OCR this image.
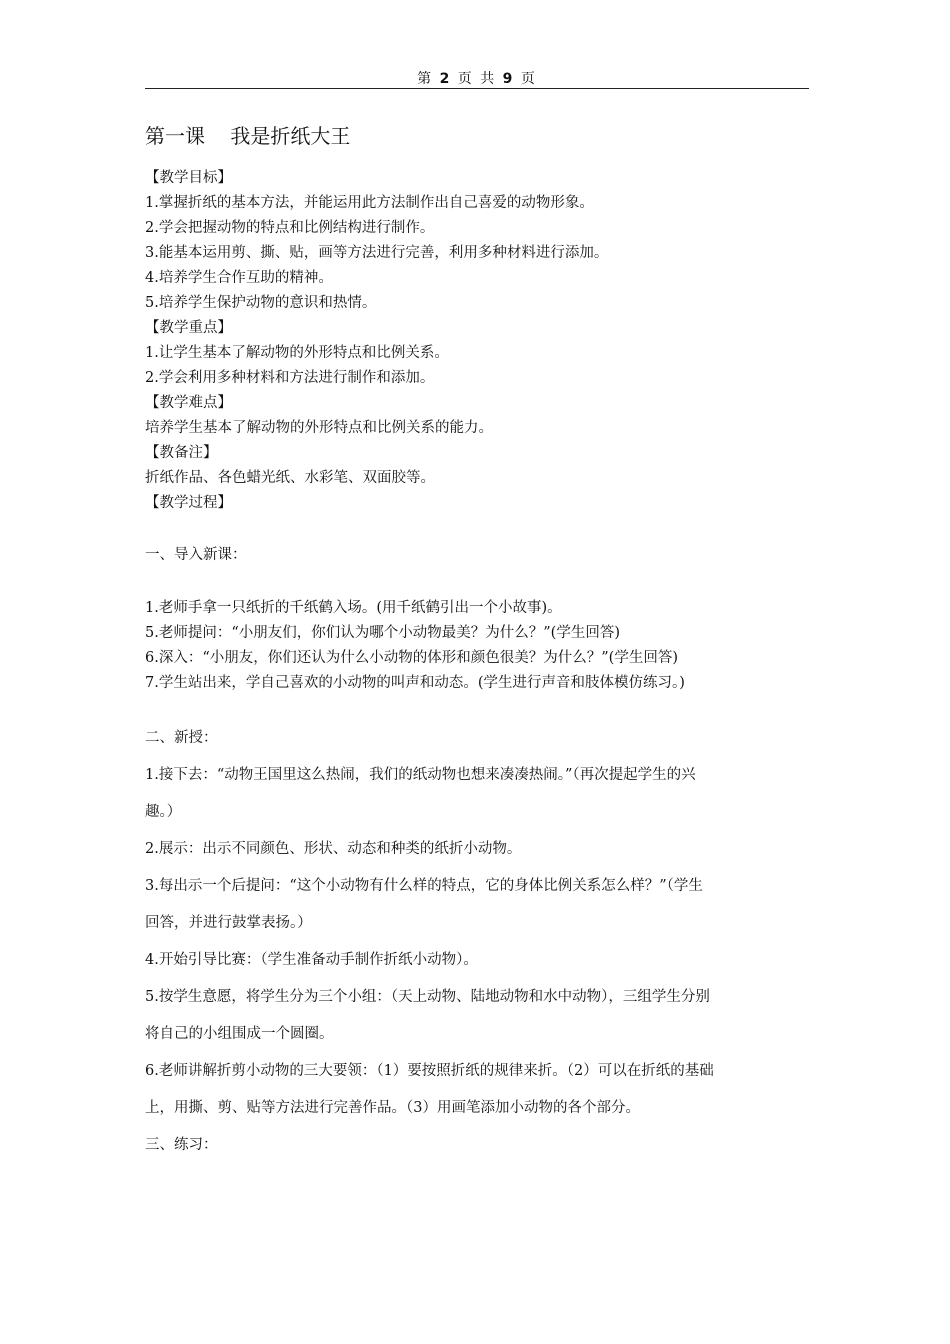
第 2 页 共 9 页
第一课    我是折纸大王
【教学目标】
1.掌握折纸的基本方法，并能运用此方法制作出自己喜爱的动物形象。
2.学会把握动物的特点和比例结构进行制作。
3.能基本运用剪、撕、贴，画等方法进行完善，利用多种材料进行添加。
4.培养学生合作互助的精神。
5.培养学生保护动物的意识和热情。
【教学重点】
1.让学生基本了解动物的外形特点和比例关系。
2.学会利用多种材料和方法进行制作和添加。
【教学难点】
培养学生基本了解动物的外形特点和比例关系的能力。
【教备注】
折纸作品、各色蜡光纸、水彩笔、双面胶等。
【教学过程】
一、导入新课：
1.老师手拿一只纸折的千纸鹤入场。(用千纸鹤引出一个小故事)。
5.老师提问：“小朋友们，你们认为哪个小动物最美？为什么？”(学生回答)
6.深入：“小朋友，你们还认为什么小动物的体形和颜色很美？为什么？”(学生回答)
7.学生站出来，学自己喜欢的小动物的叫声和动态。(学生进行声音和肢体模仿练习。)
二、新授：
1.接下去：“动物王国里这么热闹，我们的纸动物也想来凑凑热闹。”（再次提起学生的兴
趣。）
2.展示：出示不同颜色、形状、动态和种类的纸折小动物。
3.每出示一个后提问：“这个小动物有什么样的特点，它的身体比例关系怎么样？”（学生
回答，并进行鼓掌表扬。）
4.开始引导比赛：（学生准备动手制作折纸小动物）。
5.按学生意愿，将学生分为三个小组：（天上动物、陆地动物和水中动物），三组学生分别
将自己的小组围成一个圆圈。
6.老师讲解折剪小动物的三大要领：（1）要按照折纸的规律来折。（2）可以在折纸的基础
上，用撕、剪、贴等方法进行完善作品。（3）用画笔添加小动物的各个部分。
三、练习：
